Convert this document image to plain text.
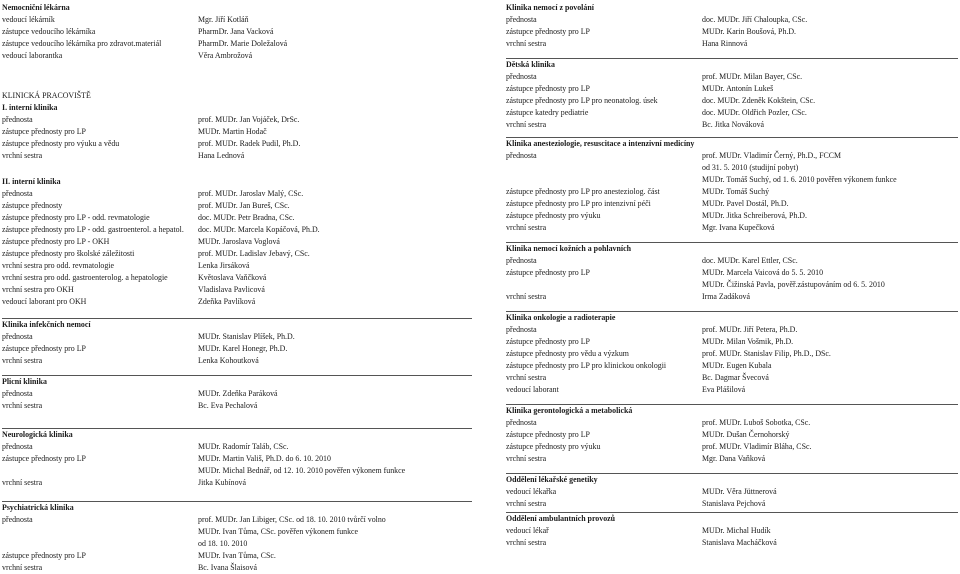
Nemocniční lékárna
vedoucí lékárník	Mgr. Jiří Kotláň
zástupce vedoucího lékárníka	PharmDr. Jana Vacková
zástupce vedoucího lékárníka pro zdravot.materiál	PharmDr. Marie Doležalová
vedoucí laborantka	Věra Ambrožová
KLINICKÁ PRACOVIŠTĚ
I. interní klinika
přednosta	prof. MUDr. Jan Vojáček, DrSc.
zástupce přednosty pro LP	MUDr. Martin Hodač
zástupce přednosty pro výuku a vědu	prof. MUDr. Radek Pudil, Ph.D.
vrchní sestra	Hana Lednová
II. interní klinika
přednosta	prof. MUDr. Jaroslav Malý, CSc.
zástupce přednosty	prof. MUDr. Jan Bureš, CSc.
zástupce přednosty pro LP - odd. revmatologie	doc. MUDr. Petr Bradna, CSc.
zástupce přednosty pro LP - odd. gastroenterol. a hepatol.	doc. MUDr. Marcela Kopáčová, Ph.D.
zástupce přednosty pro LP - OKH	MUDr. Jaroslava Voglová
zástupce přednosty pro školské záležitosti	prof. MUDr. Ladislav Jebavý, CSc.
vrchní sestra pro odd. revmatologie	Lenka Jirsáková
vrchní sestra pro odd. gastroenterolog. a hepatologie	Květoslava Vaňčková
vrchní sestra pro OKH	Vladislava Pavlicová
vedoucí laborant pro OKH	Zdeňka Pavlíková
Klinika infekčních nemocí
přednosta	MUDr. Stanislav Plíšek, Ph.D.
zástupce přednosty pro LP	MUDr. Karel Honegr, Ph.D.
vrchní sestra	Lenka Kohoutková
Plicní klinika
přednosta	MUDr. Zdeňka Paráková
vrchní sestra	Bc. Eva Pechalová
Neurologická klinika
přednosta	MUDr. Radomír Taláb, CSc.
zástupce přednosty pro LP	MUDr. Martin Vališ, Ph.D. do 6. 10. 2010
MUDr. Michal Bednář, od 12. 10. 2010 pověřen výkonem funkce
vrchní sestra	Jitka Kubínová
Psychiatrická klinika
přednosta	prof. MUDr. Jan Libiger, CSc. od 18. 10. 2010 tvůrčí volno
MUDr. Ivan Tůma, CSc. pověřen výkonem funkce
od 18. 10. 2010
zástupce přednosty pro LP	MUDr. Ivan Tůma, CSc.
vrchní sestra	Bc. Ivana Šlaisová
Klinika nemocí z povolání
přednosta	doc. MUDr. Jiří Chaloupka, CSc.
zástupce přednosty pro LP	MUDr. Karin Boušová, Ph.D.
vrchní sestra	Hana Rinnová
Dětská klinika
přednosta	prof. MUDr. Milan Bayer, CSc.
zástupce přednosty pro LP	MUDr. Antonín Lukeš
zástupce přednosty pro LP pro neonatolog. úsek	doc. MUDr. Zdeněk Kokštein, CSc.
zástupce katedry pediatrie	doc. MUDr. Oldřich Pozler, CSc.
vrchní sestra	Bc. Jitka Nováková
Klinika anesteziologie, resuscitace a intenzivní medicíny
přednosta	prof. MUDr. Vladimír Černý, Ph.D., FCCM
od 31. 5. 2010 (studijní pobyt)
MUDr. Tomáš Suchý, od 1. 6. 2010 pověřen výkonem funkce
zástupce přednosty pro LP pro anesteziolog. část	MUDr. Tomáš Suchý
zástupce přednosty pro LP pro intenzivní péči	MUDr. Pavel Dostál, Ph.D.
zástupce přednosty pro výuku	MUDr. Jitka Schreiberová, Ph.D.
vrchní sestra	Mgr. Ivana Kupečková
Klinika nemocí kožních a pohlavních
přednosta	doc. MUDr. Karel Ettler, CSc.
zástupce přednosty pro LP	MUDr. Marcela Vaicová do 5. 5. 2010
MUDr. Čižinská Pavla, pověř.zástupováním od 6. 5. 2010
vrchní sestra	Irma Zadáková
Klinika onkologie a radioterapie
přednosta	prof. MUDr. Jiří Petera, Ph.D.
zástupce přednosty pro LP	MUDr. Milan Vošmik, Ph.D.
zástupce přednosty pro vědu a výzkum	prof. MUDr. Stanislav Filip, Ph.D., DSc.
zástupce přednosty pro LP pro klinickou onkologii	MUDr. Eugen Kubala
vrchní sestra	Bc. Dagmar Švecová
vedoucí laborant	Eva Plášilová
Klinika gerontologická a metabolická
přednosta	prof. MUDr. Luboš Sobotka, CSc.
zástupce přednosty pro LP	MUDr. Dušan Černohorský
zástupce přednosty pro výuku	prof. MUDr. Vladimír Bláha, CSc.
vrchní sestra	Mgr. Dana Vaňková
Oddělení lékařské genetiky
vedoucí lékařka	MUDr. Věra Jüttnerová
vrchní sestra	Stanislava Pejchová
Oddělení ambulantních provozů
vedoucí lékař	MUDr. Michal Hudík
vrchní sestra	Stanislava Macháčková
